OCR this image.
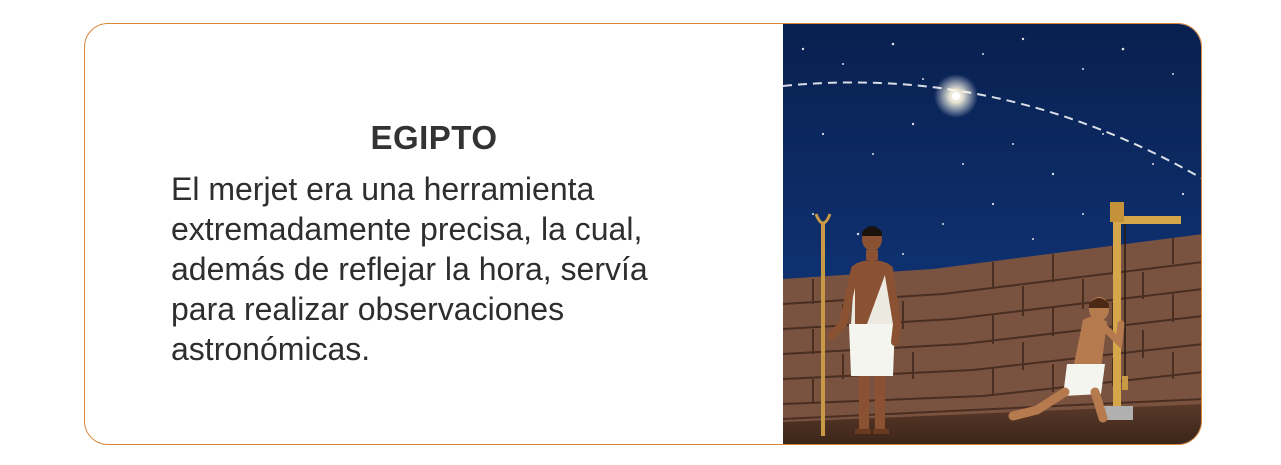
EGIPTO
El merjet era una herramienta
extremadamente precisa, la cual,
además de reflejar la hora, servía
para realizar observaciones
astronómicas.
